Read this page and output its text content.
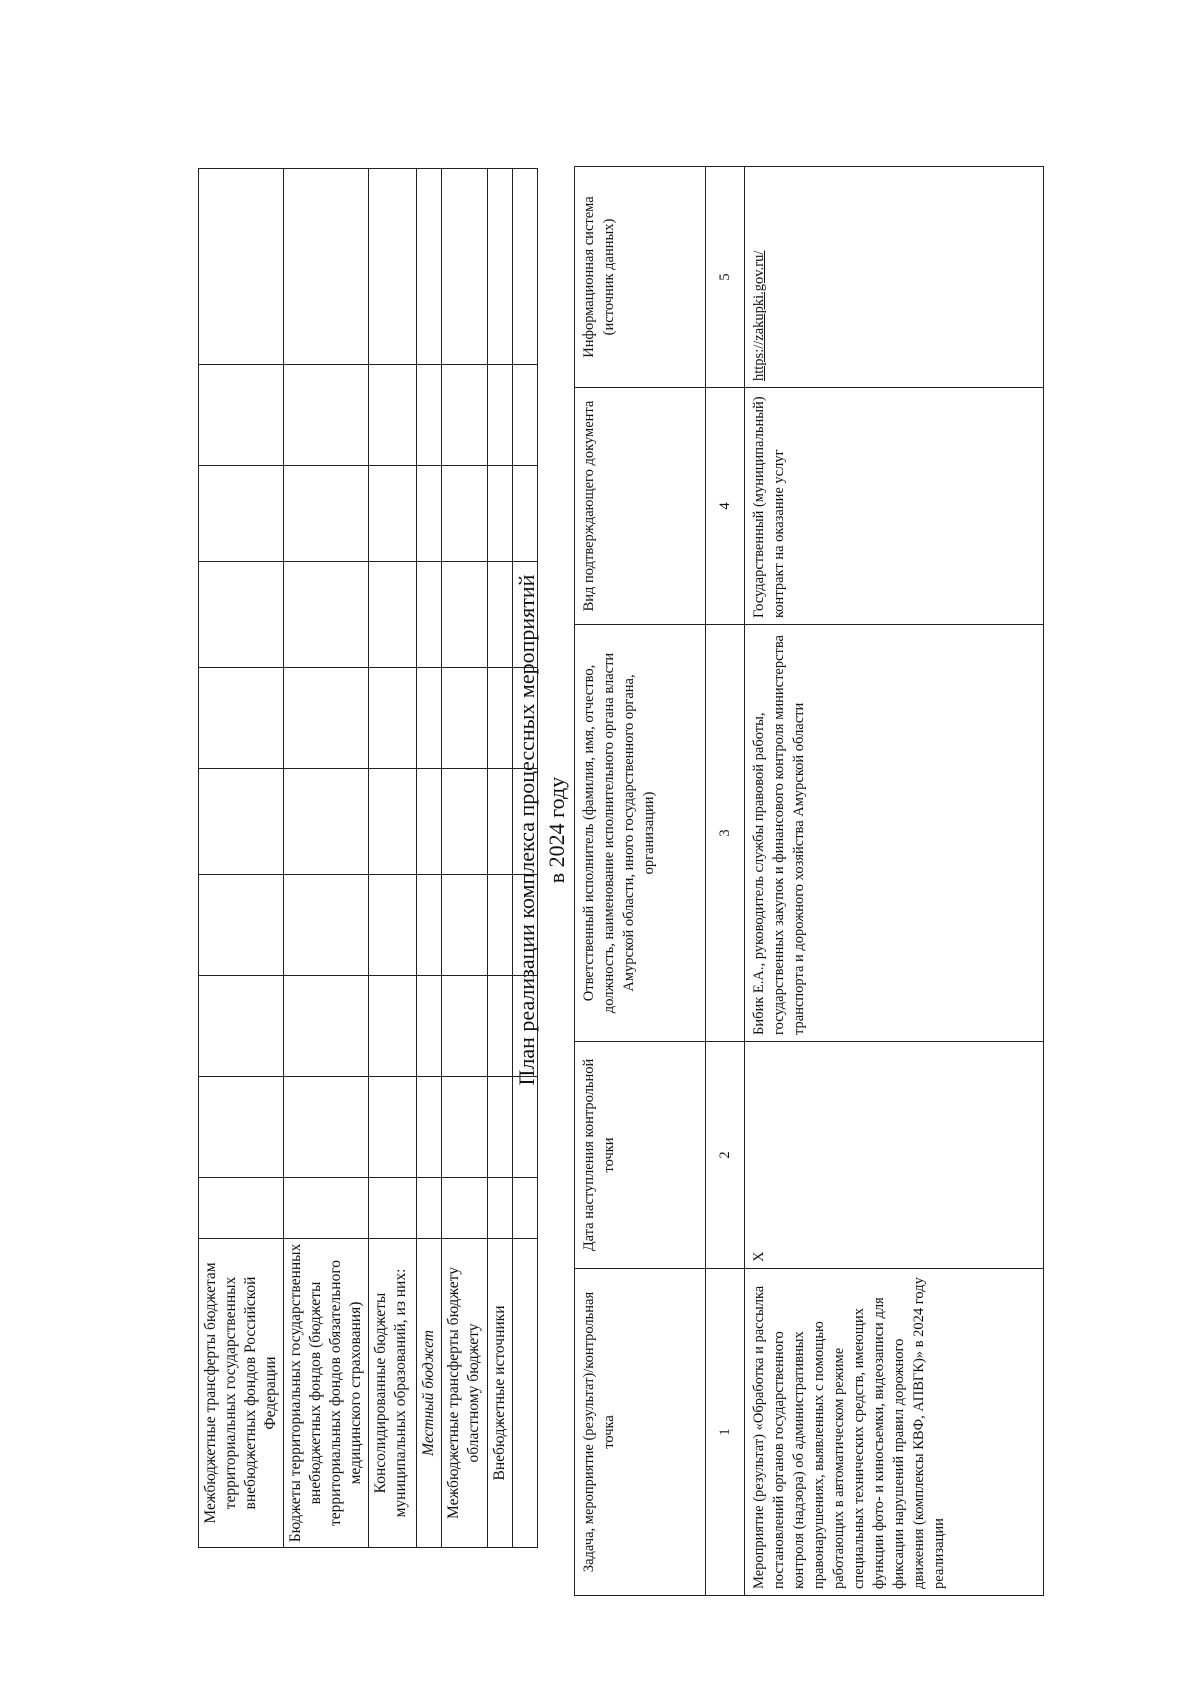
Межбюджетные трансферты бюджетам территориальных государственных внебюджетных фондов Российской Федерации										
Бюджеты территориальных государственных внебюджетных фондов (бюджеты территориальных фондов обязательного медицинского страхования)										
Консолидированные бюджеты муниципальных образований, из них:										
Местный бюджет										
Межбюджетные трансферты бюджету областному бюджету										
Внебюджетные источники										

План реализации комплекса процессных мероприятий в 2024 году
Задача, мероприятие (результат)/контрольная точка	Дата наступления контрольной точки	Ответственный исполнитель (фамилия, имя, отчество, должность, наименование исполнительного органа власти Амурской области, иного государственного органа, организации)	Вид подтверждающего документа	Информационная система (источник данных)
1	2	3	4	5
Мероприятие (результат) «Обработка и рассылка постановлений органов государственного контроля (надзора) об административных правонарушениях, выявленных с помощью работающих в автоматическом режиме специальных технических средств, имеющих функции фото- и киносъемки, видеозаписи для фиксации нарушений правил дорожного движения (комплексы КВФ, АПВГК)» в 2024 году реализации	X	Бибик Е.А., руководитель службы правовой работы, государственных закупок и финансового контроля министерства транспорта и дорожного хозяйства Амурской области	Государственный (муниципальный) контракт на оказание услуг	https://zakupki.gov.ru/
